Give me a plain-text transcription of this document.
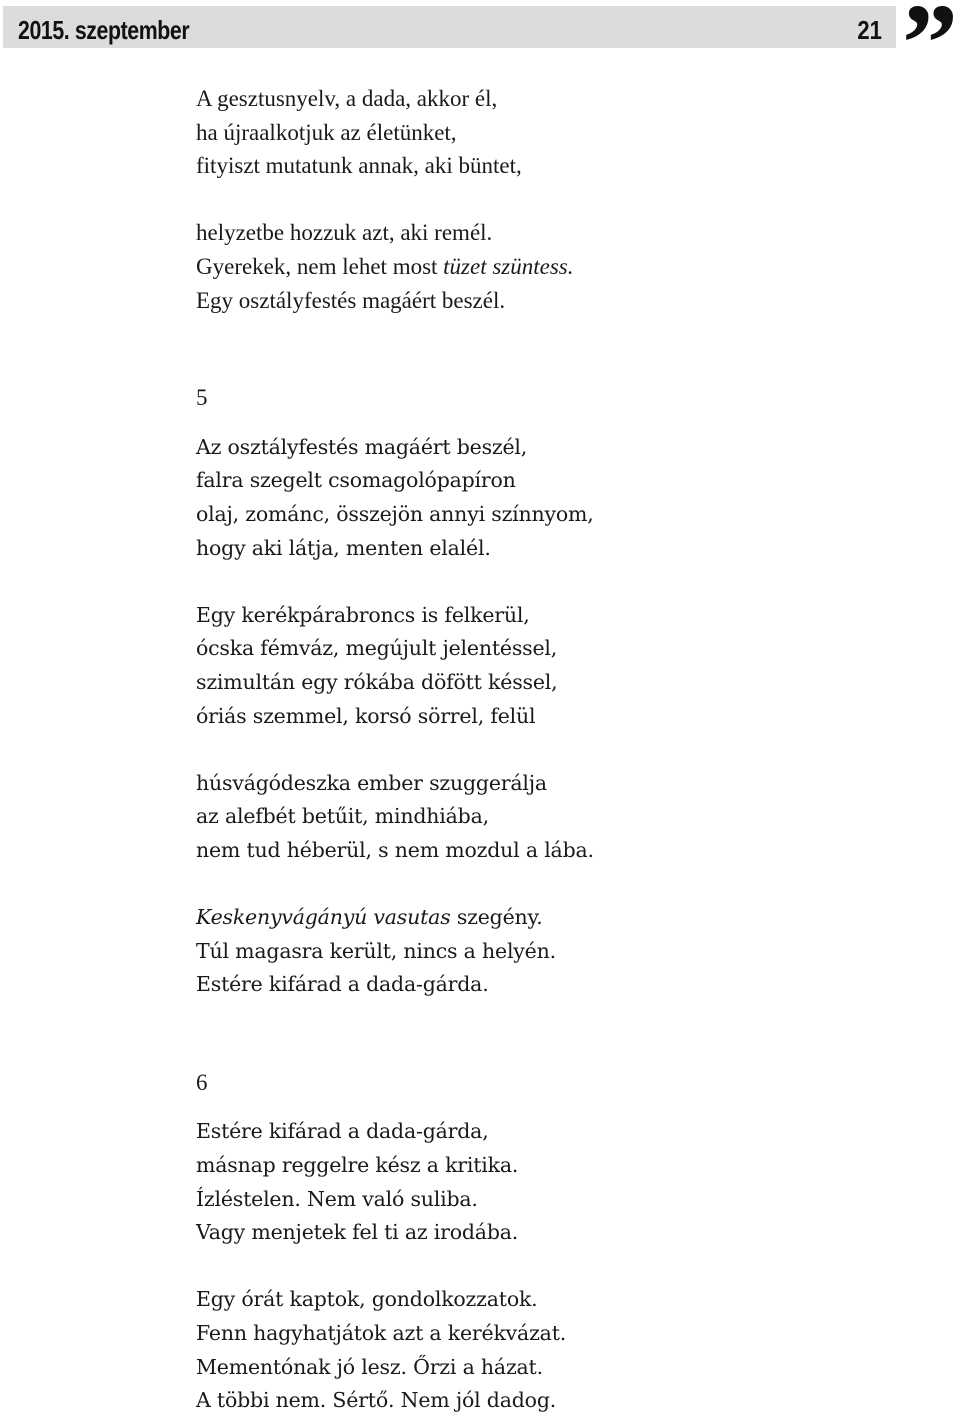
2015. szeptember	21 ”
A gesztusnyelv, a dada, akkor él,
ha újraalkotjuk az életünket,
fityiszt mutatunk annak, aki büntet,
helyzetbe hozzuk azt, aki remél.
Gyerekek, nem lehet most tüzet szüntess.
Egy osztályfestés magáért beszél.
5
Az osztályfestés magáért beszél,
falra szegelt csomagolópapíron
olaj, zománc, összejön annyi színnyom,
hogy aki látja, menten elalél.
Egy kerékpárabroncs is felkerül,
ócska fémváz, megújult jelentéssel,
szimultán egy rókába döfött késsel,
óriás szemmel, korsó sörrel, felül
húsvágódeszka ember szuggerálja
az alefbét betűit, mindhiába,
nem tud héberül, s nem mozdul a lába.
Keskenyvágányú vasutas szegény.
Túl magasra került, nincs a helyén.
Estére kifárad a dada-gárda.
6
Estére kifárad a dada-gárda,
másnap reggelre kész a kritika.
Ízléstelen. Nem való suliba.
Vagy menjetek fel ti az irodába.
Egy órát kaptok, gondolkozzatok.
Fenn hagyhatjátok azt a kerékvázat.
Mementónak jó lesz. Őrzi a házat.
A többi nem. Sértő. Nem jól dadog.
